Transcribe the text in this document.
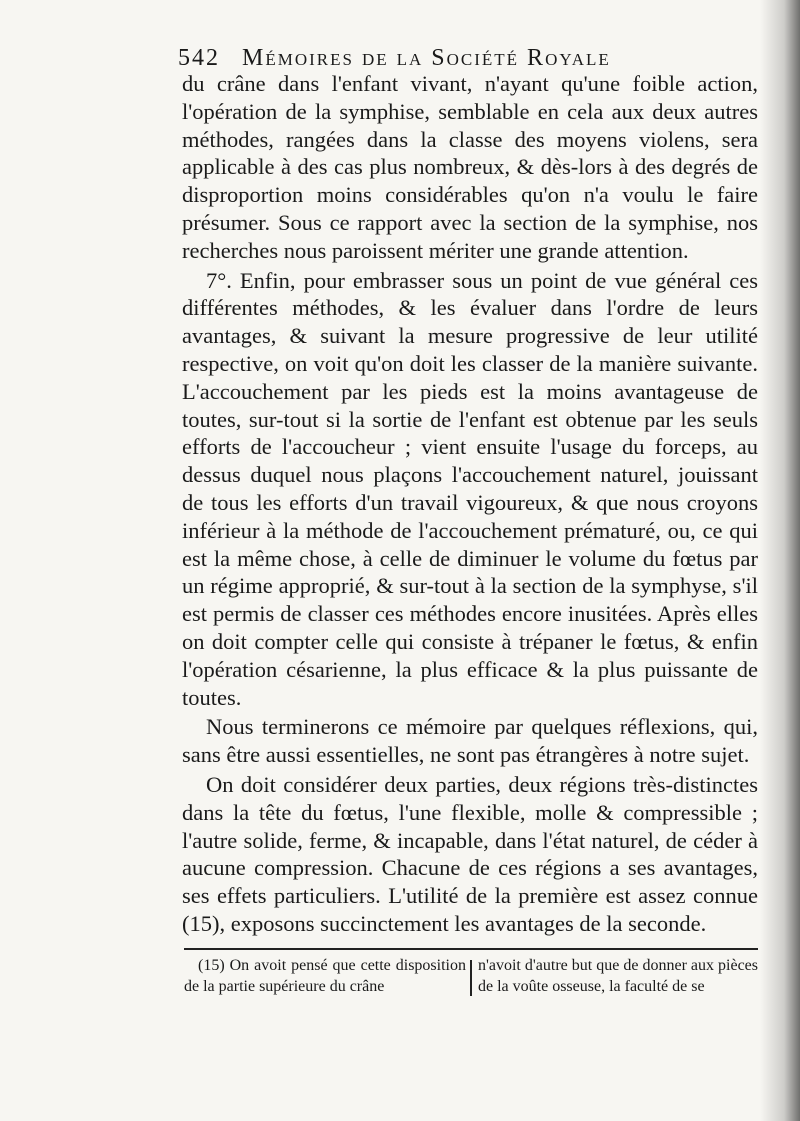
542 Mémoires de la Société Royale

du crâne dans l'enfant vivant, n'ayant qu'une foible action, l'opération de la symphise, semblable en cela aux deux autres méthodes, rangées dans la classe des moyens violens, sera applicable à des cas plus nombreux, & dès-lors à des degrés de disproportion moins considérables qu'on n'a voulu le faire présumer. Sous ce rapport avec la section de la symphise, nos recherches nous paroissent mériter une grande attention.

7°. Enfin, pour embrasser sous un point de vue général ces différentes méthodes, & les évaluer dans l'ordre de leurs avantages, & suivant la mesure progressive de leur utilité respective, on voit qu'on doit les classer de la manière suivante. L'accouchement par les pieds est la moins avantageuse de toutes, sur-tout si la sortie de l'enfant est obtenue par les seuls efforts de l'accoucheur ; vient ensuite l'usage du forceps, au dessus duquel nous plaçons l'accouchement naturel, jouissant de tous les efforts d'un travail vigoureux, & que nous croyons inférieur à la méthode de l'accouchement prématuré, ou, ce qui est la même chose, à celle de diminuer le volume du fœtus par un régime approprié, & sur-tout à la section de la symphyse, s'il est permis de classer ces méthodes encore inusitées. Après elles on doit compter celle qui consiste à trépaner le fœtus, & enfin l'opération césarienne, la plus efficace & la plus puissante de toutes.

Nous terminerons ce mémoire par quelques réflexions, qui, sans être aussi essentielles, ne sont pas étrangères à notre sujet.

On doit considérer deux parties, deux régions très-distinctes dans la tête du fœtus, l'une flexible, molle & compressible ; l'autre solide, ferme, & incapable, dans l'état naturel, de céder à aucune compression. Chacune de ces régions a ses avantages, ses effets particuliers. L'utilité de la première est assez connue (15), exposons succinctement les avantages de la seconde.

(15) On avoit pensé que cette disposition de la partie supérieure du crâne
n'avoit d'autre but que de donner aux pièces de la voûte osseuse, la faculté de se
